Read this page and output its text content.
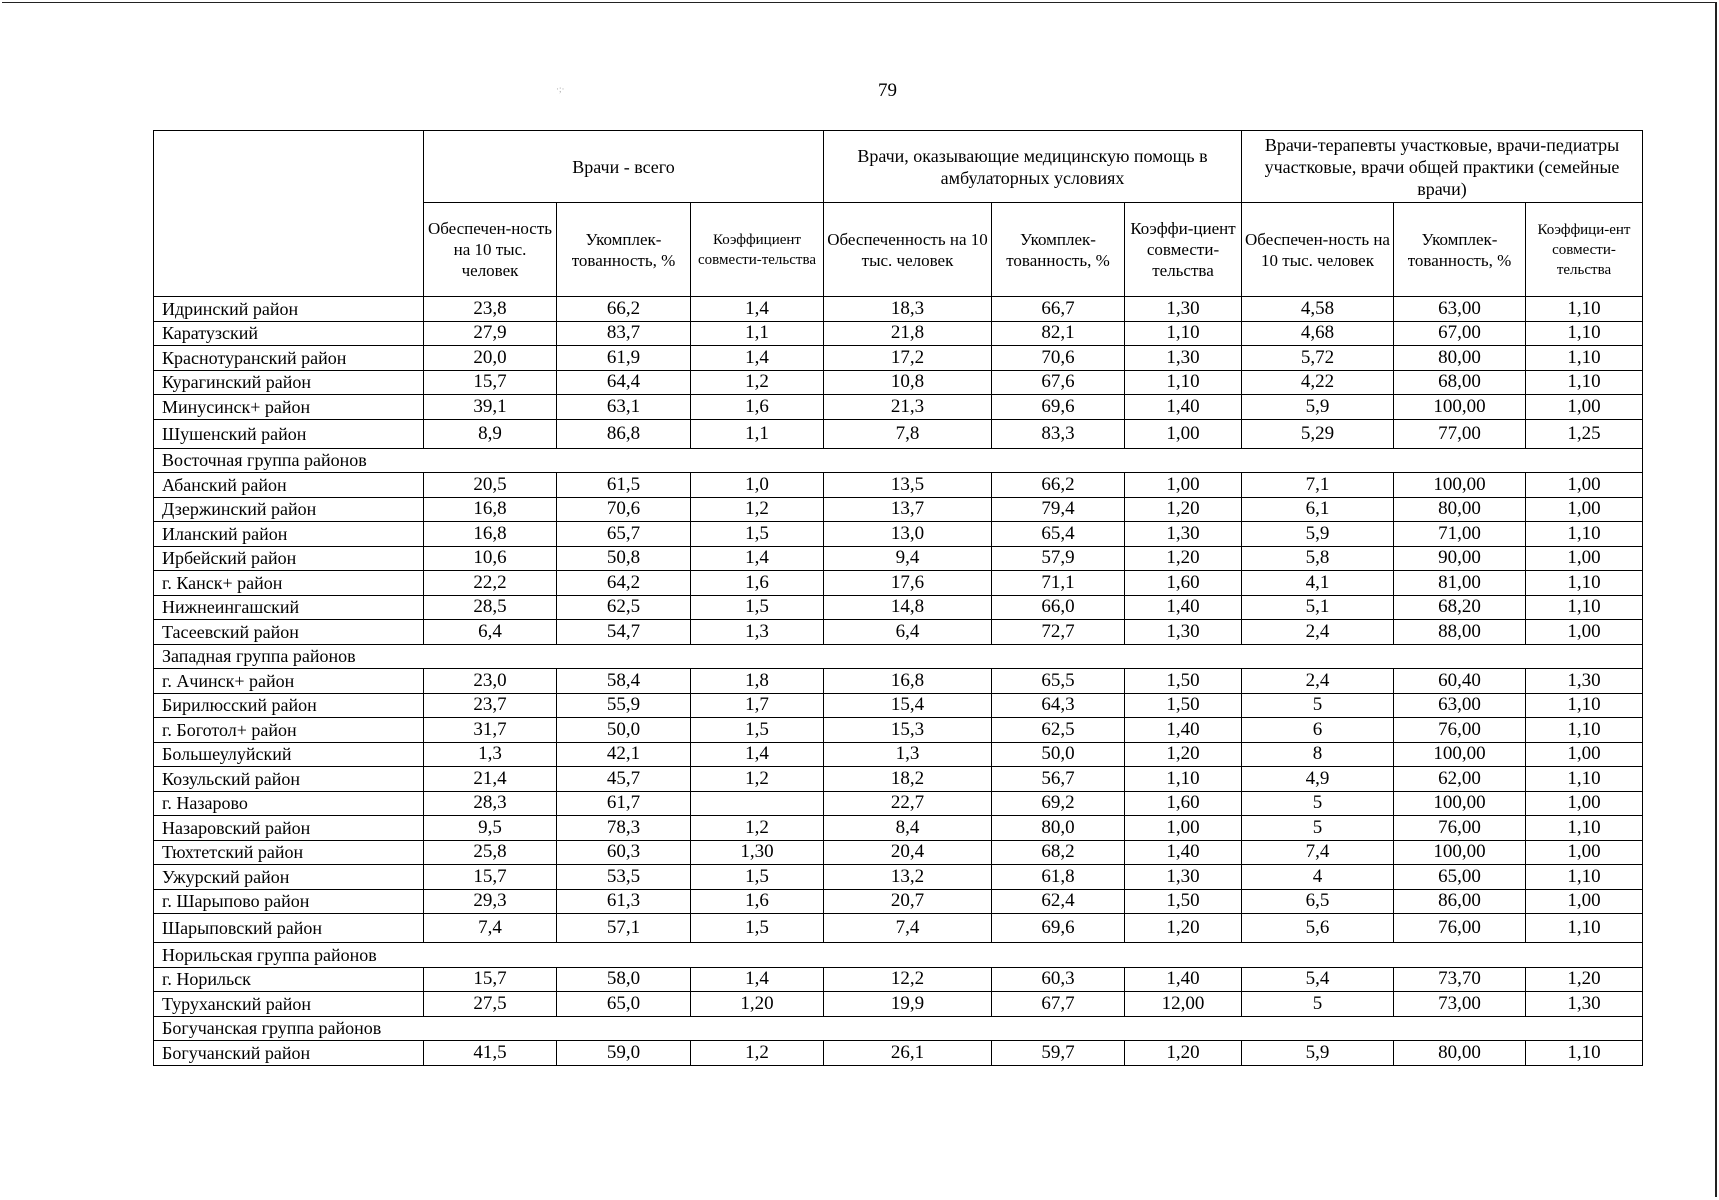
·;·	79
	Врачи - всего			Врачи, оказывающие медицинскую помощь в амбулаторных условиях			Врачи-терапевты участковые, врачи-педиатры участковые, врачи общей практики (семейные врачи)		
	Обеспечен-ность на 10 тыс. человек	Укомплек-тованность, %	Коэффициент совмести-тельства	Обеспеченность на 10 тыс. человек	Укомплек-тованность, %	Коэффи-циент совмести-тельства	Обеспечен-ность на 10 тыс. человек	Укомплек-тованность, %	Коэффици-ент совмести-тельства
Идринский район	23,8	66,2	1,4	18,3	66,7	1,30	4,58	63,00	1,10
Каратузский	27,9	83,7	1,1	21,8	82,1	1,10	4,68	67,00	1,10
Краснотуранский район	20,0	61,9	1,4	17,2	70,6	1,30	5,72	80,00	1,10
Курагинский район	15,7	64,4	1,2	10,8	67,6	1,10	4,22	68,00	1,10
Минусинск+ район	39,1	63,1	1,6	21,3	69,6	1,40	5,9	100,00	1,00
Шушенский район	8,9	86,8	1,1	7,8	83,3	1,00	5,29	77,00	1,25
Восточная группа районов									
Абанский район	20,5	61,5	1,0	13,5	66,2	1,00	7,1	100,00	1,00
Дзержинский район	16,8	70,6	1,2	13,7	79,4	1,20	6,1	80,00	1,00
Иланский район	16,8	65,7	1,5	13,0	65,4	1,30	5,9	71,00	1,10
Ирбейский район	10,6	50,8	1,4	9,4	57,9	1,20	5,8	90,00	1,00
г. Канск+ район	22,2	64,2	1,6	17,6	71,1	1,60	4,1	81,00	1,10
Нижнеингашский	28,5	62,5	1,5	14,8	66,0	1,40	5,1	68,20	1,10
Тасеевский район	6,4	54,7	1,3	6,4	72,7	1,30	2,4	88,00	1,00
Западная группа районов									
г. Ачинск+ район	23,0	58,4	1,8	16,8	65,5	1,50	2,4	60,40	1,30
Бирилюсский район	23,7	55,9	1,7	15,4	64,3	1,50	5	63,00	1,10
г. Боготол+ район	31,7	50,0	1,5	15,3	62,5	1,40	6	76,00	1,10
Большеулуйский	1,3	42,1	1,4	1,3	50,0	1,20	8	100,00	1,00
Козульский район	21,4	45,7	1,2	18,2	56,7	1,10	4,9	62,00	1,10
г. Назарово	28,3	61,7		22,7	69,2	1,60	5	100,00	1,00
Назаровский район	9,5	78,3	1,2	8,4	80,0	1,00	5	76,00	1,10
Тюхтетский район	25,8	60,3	1,30	20,4	68,2	1,40	7,4	100,00	1,00
Ужурский район	15,7	53,5	1,5	13,2	61,8	1,30	4	65,00	1,10
г. Шарыпово район	29,3	61,3	1,6	20,7	62,4	1,50	6,5	86,00	1,00
Шарыповский район	7,4	57,1	1,5	7,4	69,6	1,20	5,6	76,00	1,10
Норильская группа районов									
г. Норильск	15,7	58,0	1,4	12,2	60,3	1,40	5,4	73,70	1,20
Туруханский район	27,5	65,0	1,20	19,9	67,7	12,00	5	73,00	1,30
Богучанская группа районов									
Богучанский район	41,5	59,0	1,2	26,1	59,7	1,20	5,9	80,00	1,10
